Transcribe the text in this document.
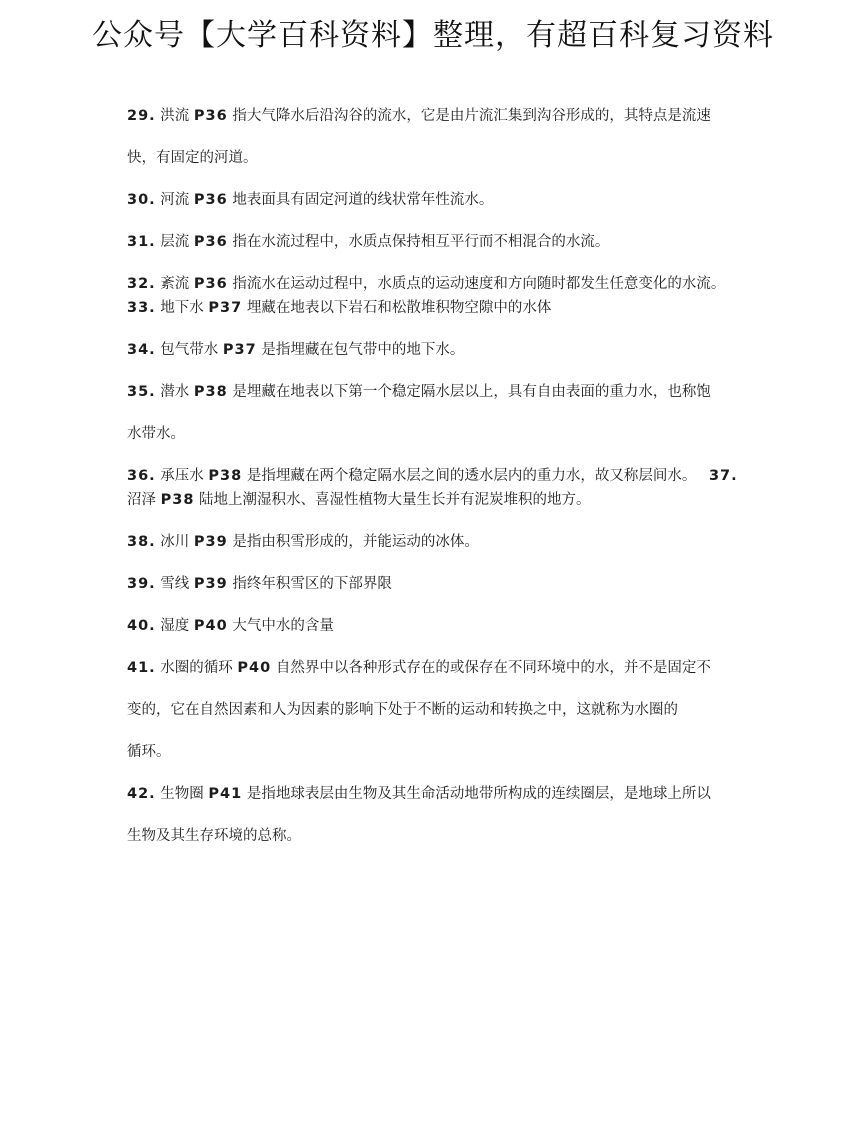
公众号【大学百科资料】整理，有超百科复习资料

29. 洪流 P36 指大气降水后沿沟谷的流水，它是由片流汇集到沟谷形成的，其特点是流速

快，有固定的河道。

30. 河流 P36 地表面具有固定河道的线状常年性流水。

31. 层流 P36 指在水流过程中，水质点保持相互平行而不相混合的水流。

32. 紊流 P36 指流水在运动过程中，水质点的运动速度和方向随时都发生任意变化的水流。 33. 地下水 P37 埋藏在地表以下岩石和松散堆积物空隙中的水体

34. 包气带水 P37 是指埋藏在包气带中的地下水。

35. 潜水 P38 是埋藏在地表以下第一个稳定隔水层以上，具有自由表面的重力水，也称饱

水带水。

36. 承压水 P38 是指埋藏在两个稳定隔水层之间的透水层内的重力水，故又称层间水。 37. 沼泽 P38 陆地上潮湿积水、喜湿性植物大量生长并有泥炭堆积的地方。

38. 冰川 P39 是指由积雪形成的，并能运动的冰体。

39. 雪线 P39 指终年积雪区的下部界限

40. 湿度 P40 大气中水的含量

41. 水圈的循环 P40 自然界中以各种形式存在的或保存在不同环境中的水，并不是固定不

变的，它在自然因素和人为因素的影响下处于不断的运动和转换之中，这就称为水圈的

循环。

42. 生物圈 P41 是指地球表层由生物及其生命活动地带所构成的连续圈层，是地球上所以

生物及其生存环境的总称。
